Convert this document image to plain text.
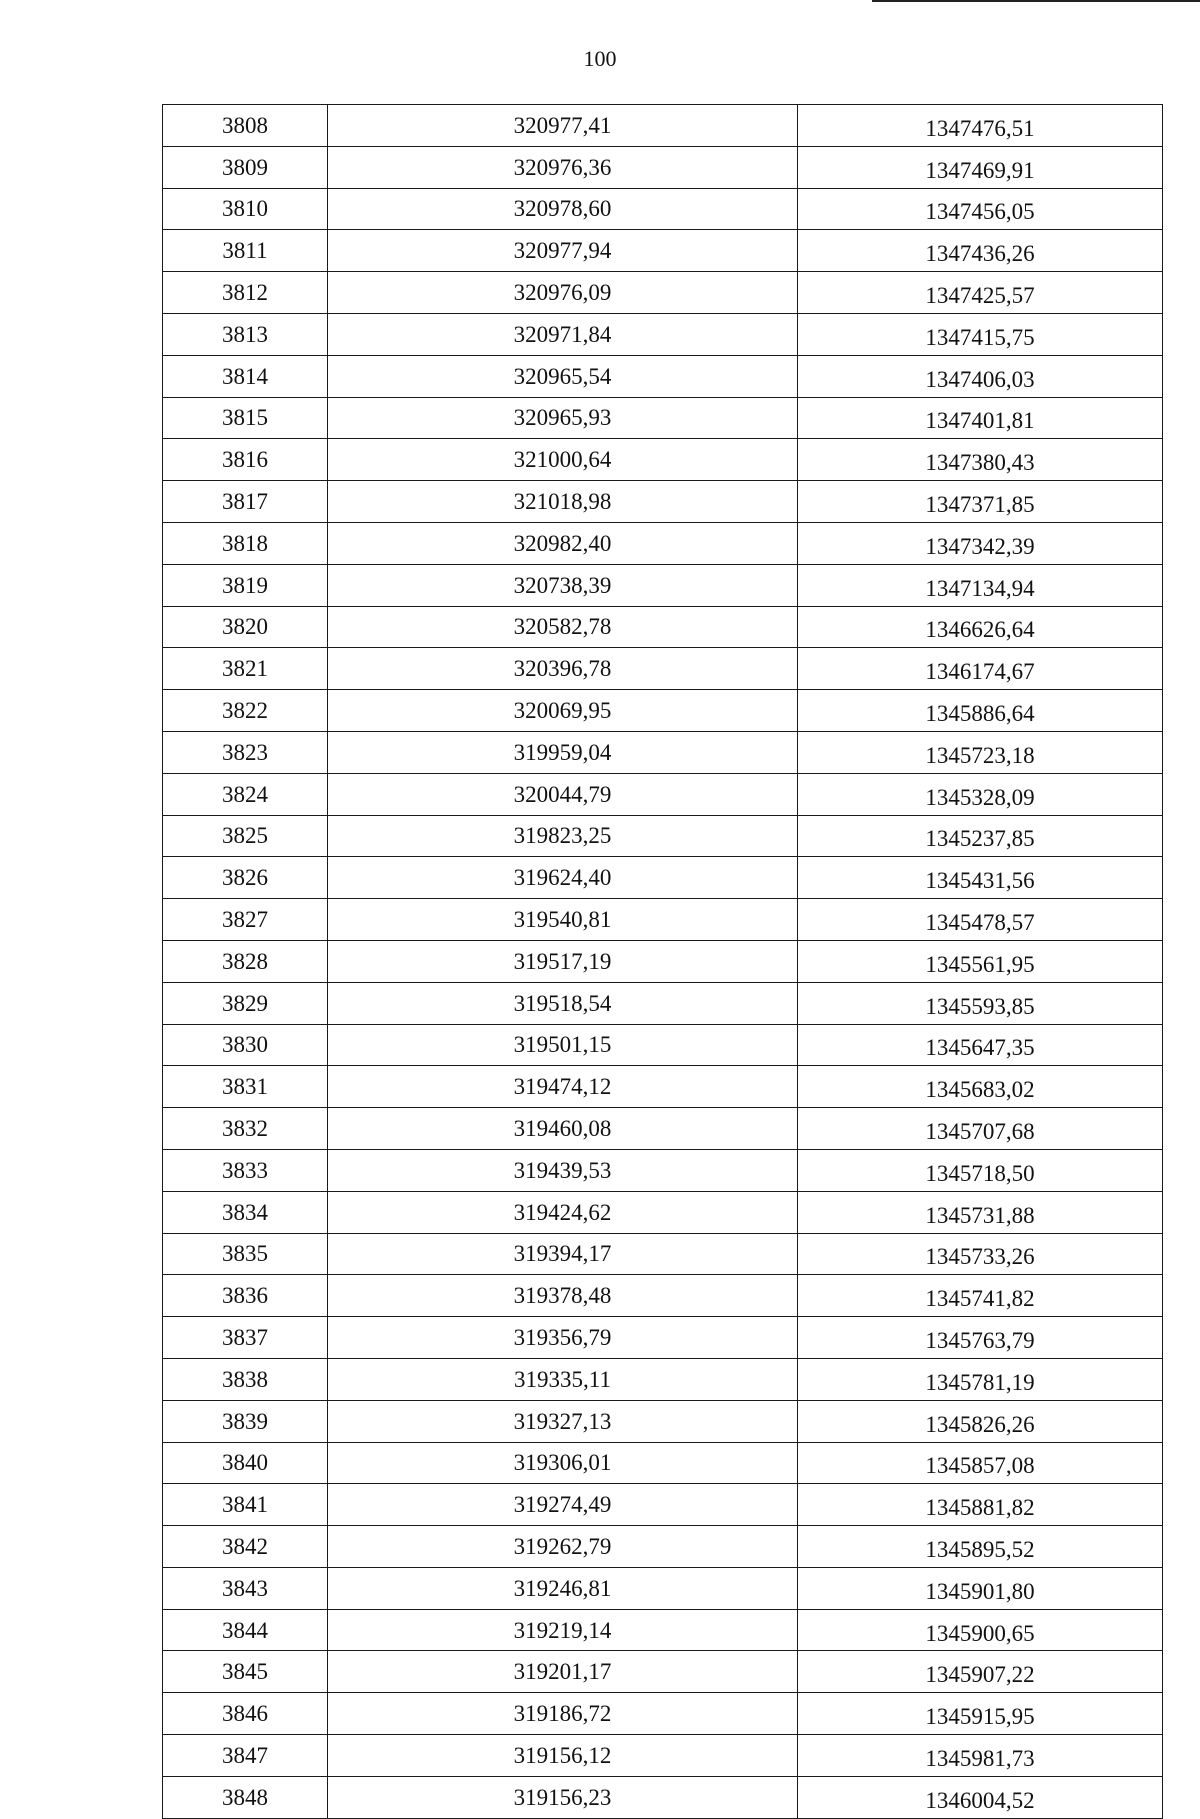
100
3808	320977,41	1347476,51
3809	320976,36	1347469,91
3810	320978,60	1347456,05
3811	320977,94	1347436,26
3812	320976,09	1347425,57
3813	320971,84	1347415,75
3814	320965,54	1347406,03
3815	320965,93	1347401,81
3816	321000,64	1347380,43
3817	321018,98	1347371,85
3818	320982,40	1347342,39
3819	320738,39	1347134,94
3820	320582,78	1346626,64
3821	320396,78	1346174,67
3822	320069,95	1345886,64
3823	319959,04	1345723,18
3824	320044,79	1345328,09
3825	319823,25	1345237,85
3826	319624,40	1345431,56
3827	319540,81	1345478,57
3828	319517,19	1345561,95
3829	319518,54	1345593,85
3830	319501,15	1345647,35
3831	319474,12	1345683,02
3832	319460,08	1345707,68
3833	319439,53	1345718,50
3834	319424,62	1345731,88
3835	319394,17	1345733,26
3836	319378,48	1345741,82
3837	319356,79	1345763,79
3838	319335,11	1345781,19
3839	319327,13	1345826,26
3840	319306,01	1345857,08
3841	319274,49	1345881,82
3842	319262,79	1345895,52
3843	319246,81	1345901,80
3844	319219,14	1345900,65
3845	319201,17	1345907,22
3846	319186,72	1345915,95
3847	319156,12	1345981,73
3848	319156,23	1346004,52
